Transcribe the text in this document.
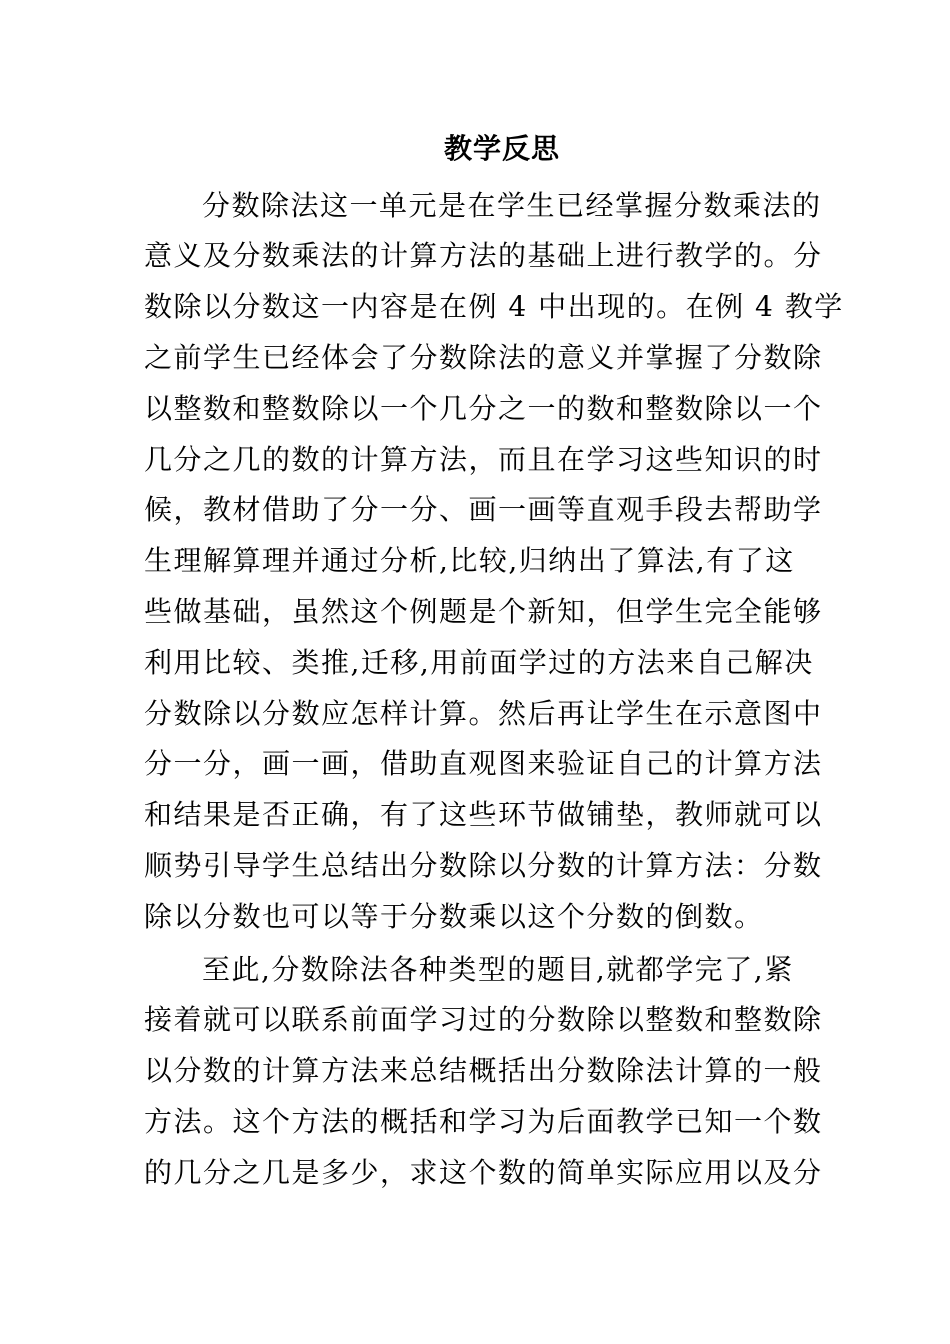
教学反思
分数除法这一单元是在学生已经掌握分数乘法的
意义及分数乘法的计算方法的基础上进行教学的。分
数除以分数这一内容是在例 4 中出现的。在例 4 教学
之前学生已经体会了分数除法的意义并掌握了分数除
以整数和整数除以一个几分之一的数和整数除以一个
几分之几的数的计算方法，而且在学习这些知识的时
候，教材借助了分一分、画一画等直观手段去帮助学
生理解算理并通过分析,比较,归纳出了算法,有了这
些做基础，虽然这个例题是个新知，但学生完全能够
利用比较、类推,迁移,用前面学过的方法来自己解决
分数除以分数应怎样计算。然后再让学生在示意图中
分一分，画一画，借助直观图来验证自己的计算方法
和结果是否正确，有了这些环节做铺垫，教师就可以
顺势引导学生总结出分数除以分数的计算方法：分数
除以分数也可以等于分数乘以这个分数的倒数。
至此,分数除法各种类型的题目,就都学完了,紧
接着就可以联系前面学习过的分数除以整数和整数除
以分数的计算方法来总结概括出分数除法计算的一般
方法。这个方法的概括和学习为后面教学已知一个数
的几分之几是多少，求这个数的简单实际应用以及分
